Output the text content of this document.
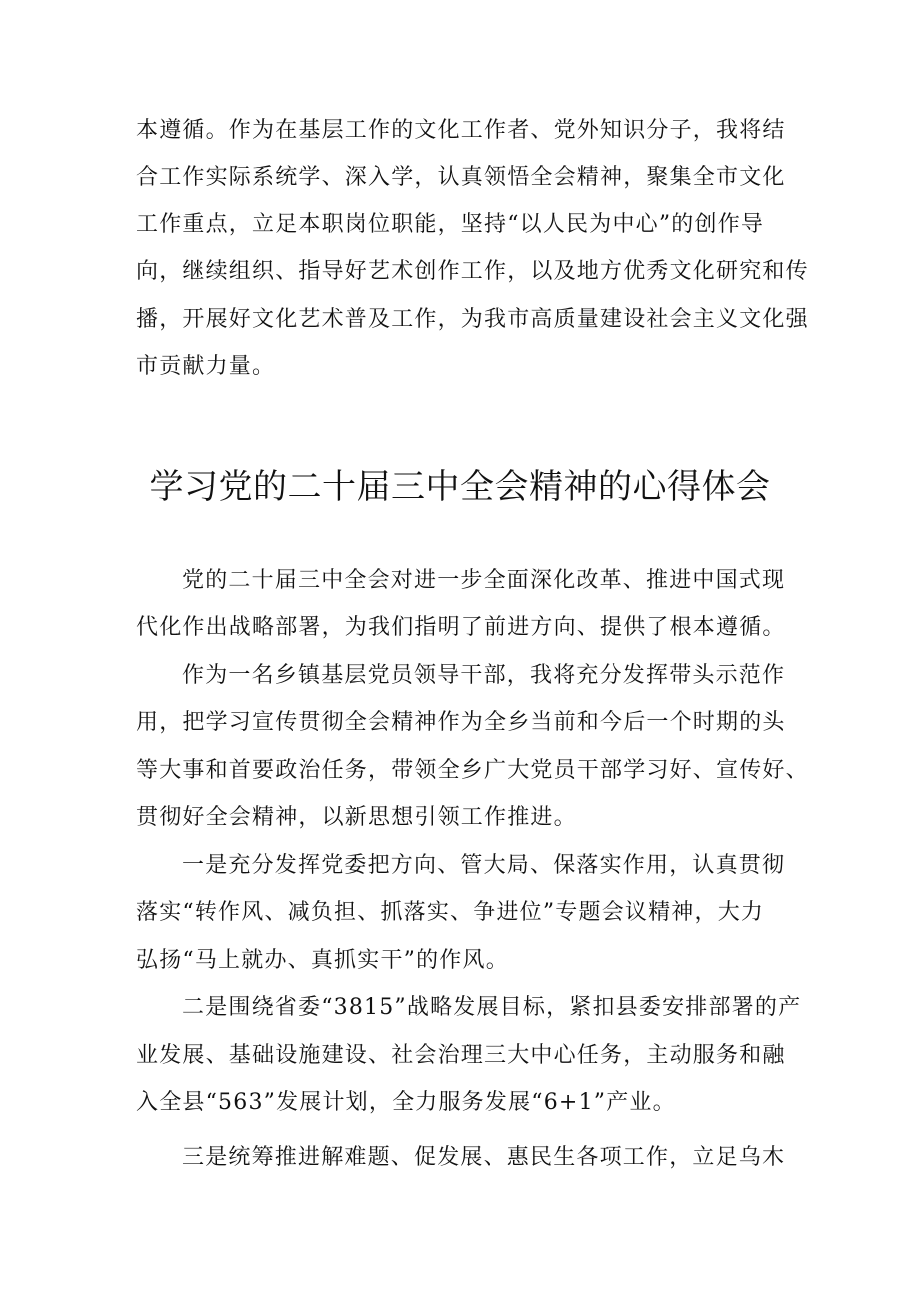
本遵循。作为在基层工作的文化工作者、党外知识分子，我将结
合工作实际系统学、深入学，认真领悟全会精神，聚集全市文化
工作重点，立足本职岗位职能，坚持“以人民为中心”的创作导
向，继续组织、指导好艺术创作工作，以及地方优秀文化研究和传
播，开展好文化艺术普及工作，为我市高质量建设社会主义文化强
市贡献力量。
学习党的二十届三中全会精神的心得体会
党的二十届三中全会对进一步全面深化改革、推进中国式现
代化作出战略部署，为我们指明了前进方向、提供了根本遵循。
作为一名乡镇基层党员领导干部，我将充分发挥带头示范作
用，把学习宣传贯彻全会精神作为全乡当前和今后一个时期的头
等大事和首要政治任务，带领全乡广大党员干部学习好、宣传好、
贯彻好全会精神，以新思想引领工作推进。
一是充分发挥党委把方向、管大局、保落实作用，认真贯彻
落实“转作风、减负担、抓落实、争进位”专题会议精神，大力
弘扬“马上就办、真抓实干”的作风。
二是围绕省委“3815”战略发展目标，紧扣县委安排部署的产
业发展、基础设施建设、社会治理三大中心任务，主动服务和融
入全县“563”发展计划，全力服务发展“6+1”产业。
三是统筹推进解难题、促发展、惠民生各项工作，立足乌木
